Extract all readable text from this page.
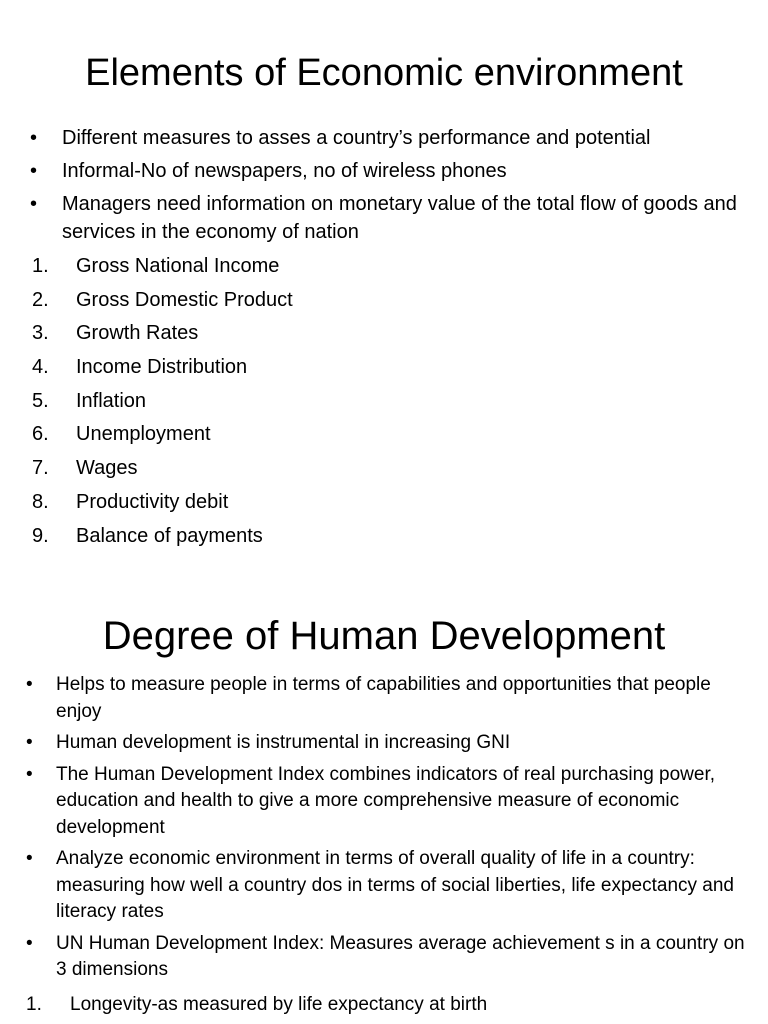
Elements of Economic environment
•	Different measures to asses a country’s performance and potential
•	Informal-No of newspapers, no of wireless phones
•	Managers need information on monetary value of the total flow of goods and services in the economy of nation
1.	Gross National Income
2.	Gross Domestic Product
3.	Growth Rates
4.	Income Distribution
5.	Inflation
6.	Unemployment
7.	Wages
8.	Productivity debit
9.	Balance of payments
Degree of Human Development
•	Helps to measure people in terms of capabilities and opportunities that people enjoy
•	Human development is instrumental in increasing GNI
•	The Human Development Index combines indicators of real purchasing power, education and health to give a more comprehensive measure of economic development
•	Analyze economic environment in terms of overall quality of life in a country: measuring how well a country dos in terms of social liberties, life expectancy and literacy rates
•	UN Human Development Index: Measures average achievement s in a country on 3 dimensions
1.	Longevity-as measured by life expectancy at birth
